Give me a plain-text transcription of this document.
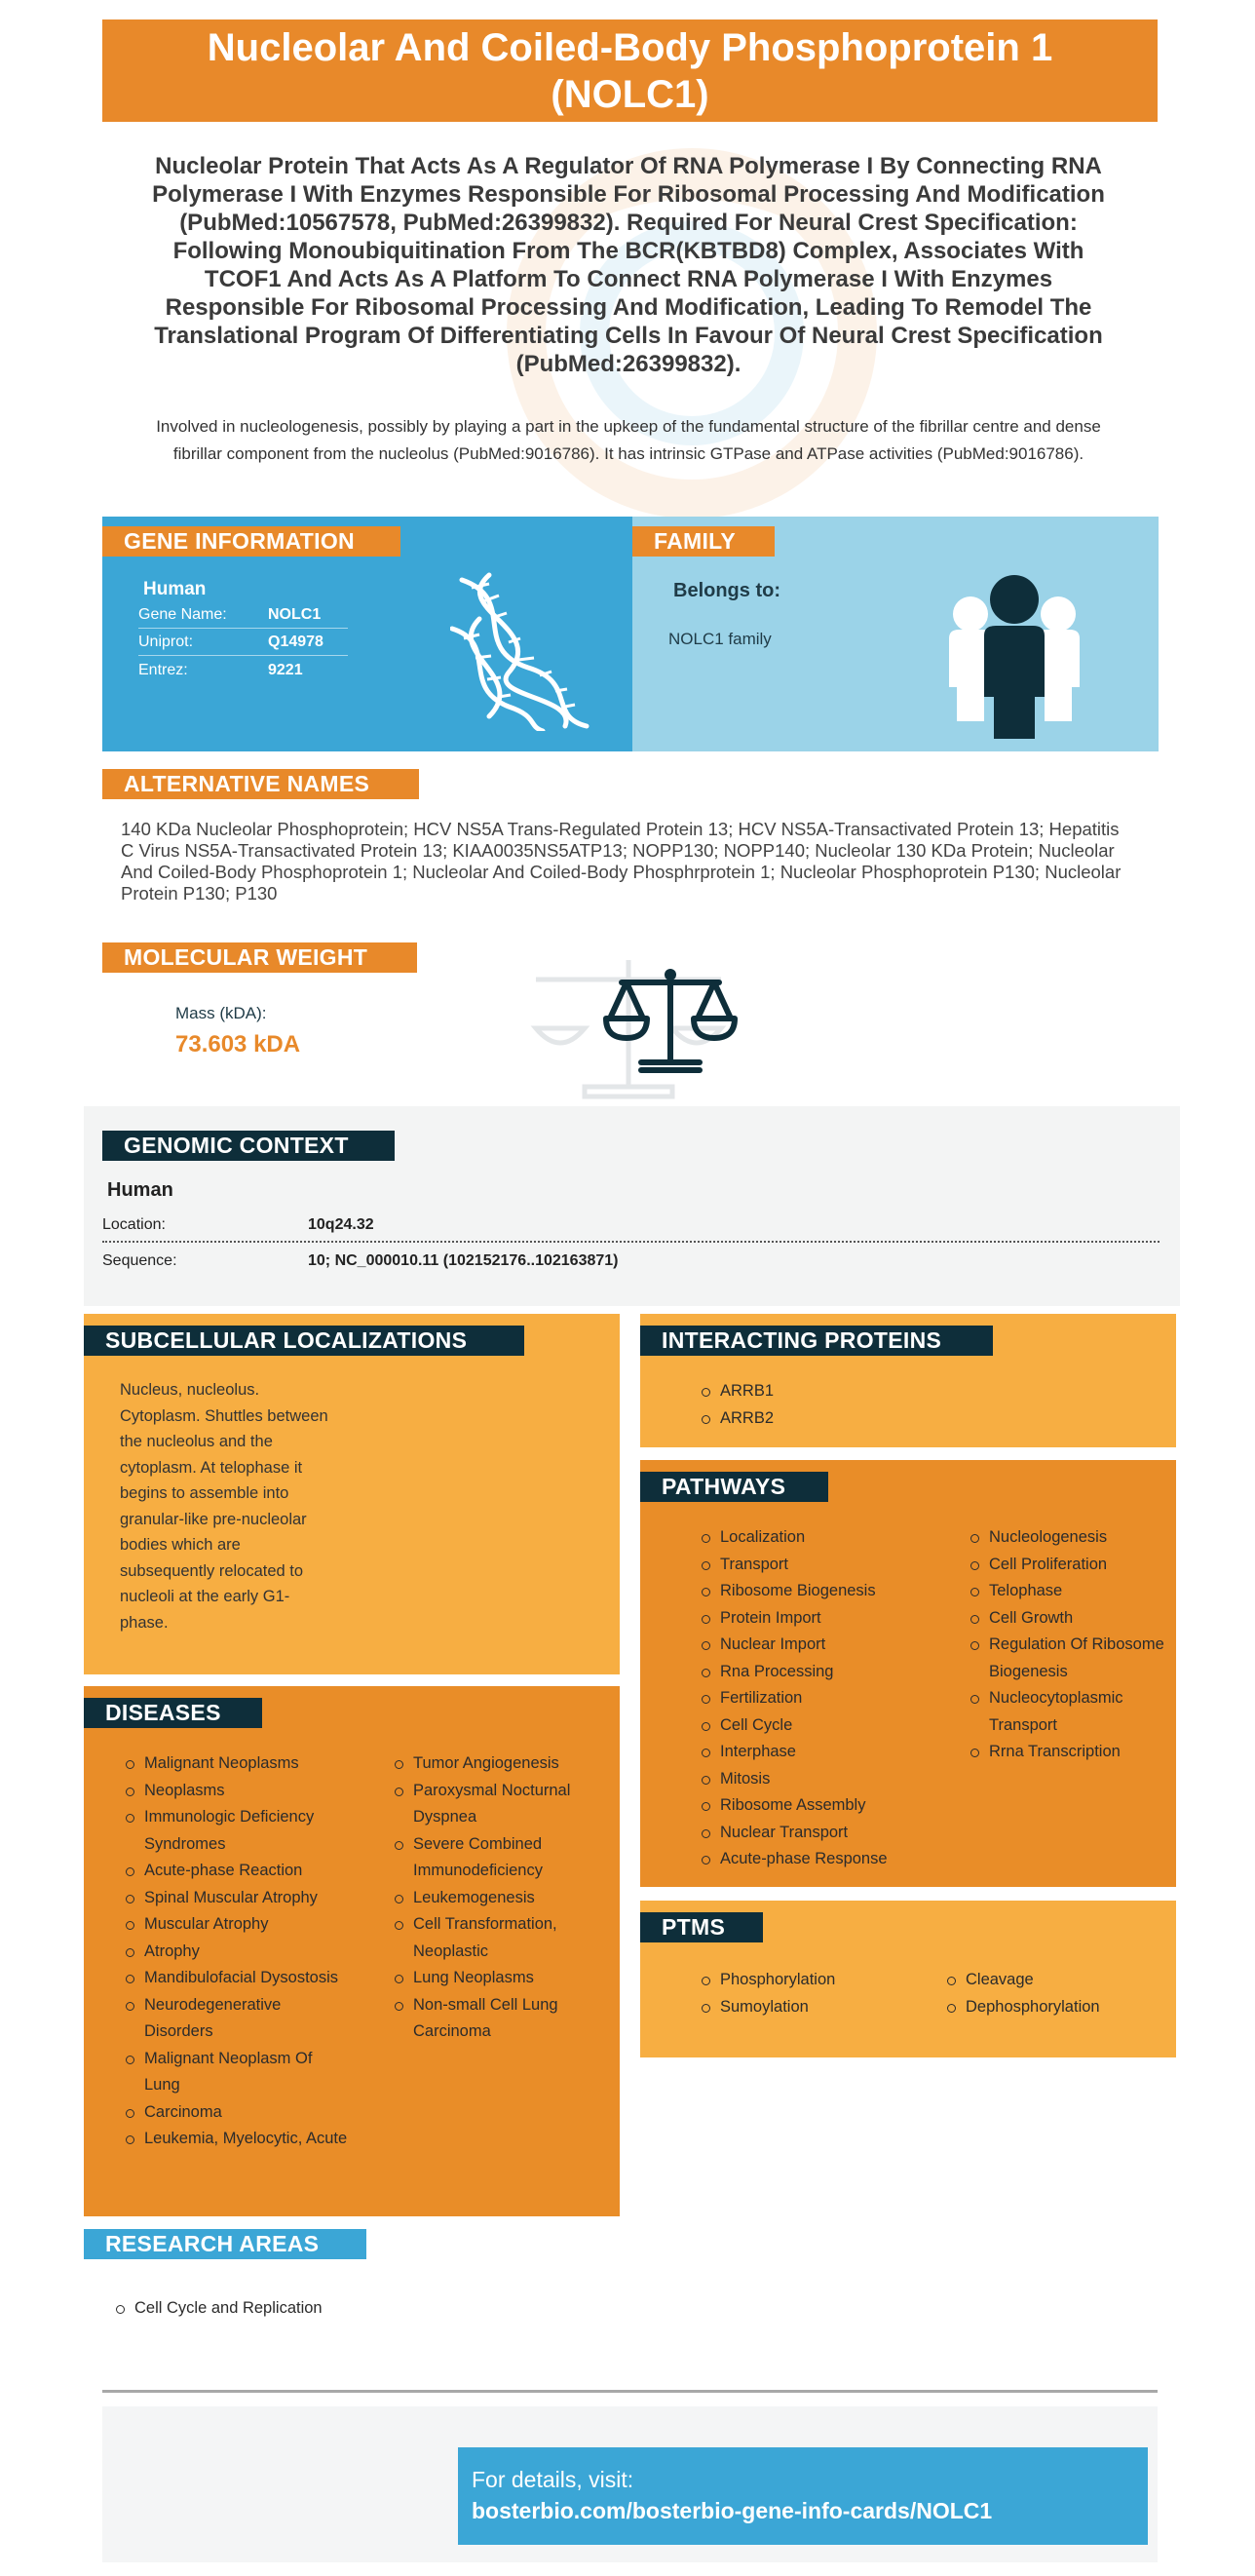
Nucleolar And Coiled-Body Phosphoprotein 1 (NOLC1)
Nucleolar Protein That Acts As A Regulator Of RNA Polymerase I By Connecting RNA Polymerase I With Enzymes Responsible For Ribosomal Processing And Modification (PubMed:10567578, PubMed:26399832). Required For Neural Crest Specification: Following Monoubiquitination From The BCR(KBTBD8) Complex, Associates With TCOF1 And Acts As A Platform To Connect RNA Polymerase I With Enzymes Responsible For Ribosomal Processing And Modification, Leading To Remodel The Translational Program Of Differentiating Cells In Favour Of Neural Crest Specification (PubMed:26399832).
Involved in nucleologenesis, possibly by playing a part in the upkeep of the fundamental structure of the fibrillar centre and dense fibrillar component from the nucleolus (PubMed:9016786). It has intrinsic GTPase and ATPase activities (PubMed:9016786).
GENE INFORMATION
Human
Gene Name:	NOLC1
Uniprot:	Q14978
Entrez:	9221
FAMILY
Belongs to:
NOLC1 family
ALTERNATIVE NAMES
140 KDa Nucleolar Phosphoprotein; HCV NS5A Trans-Regulated Protein 13; HCV NS5A-Transactivated Protein 13; Hepatitis C Virus NS5A-Transactivated Protein 13; KIAA0035NS5ATP13; NOPP130; NOPP140; Nucleolar 130 KDa Protein; Nucleolar And Coiled-Body Phosphoprotein 1; Nucleolar And Coiled-Body Phosphrprotein 1; Nucleolar Phosphoprotein P130; Nucleolar Protein P130; P130
MOLECULAR WEIGHT
Mass (kDA):
73.603 kDA
GENOMIC CONTEXT
Human
Location:	10q24.32
Sequence:	10; NC_000010.11 (102152176..102163871)
SUBCELLULAR LOCALIZATIONS
Nucleus, nucleolus. Cytoplasm. Shuttles between the nucleolus and the cytoplasm. At telophase it begins to assemble into granular-like pre-nucleolar bodies which are subsequently relocated to nucleoli at the early G1-phase.
INTERACTING PROTEINS
ARRB1
ARRB2
PATHWAYS
Localization
Transport
Ribosome Biogenesis
Protein Import
Nuclear Import
Rna Processing
Fertilization
Cell Cycle
Interphase
Mitosis
Ribosome Assembly
Nuclear Transport
Acute-phase Response
Nucleologenesis
Cell Proliferation
Telophase
Cell Growth
Regulation Of Ribosome Biogenesis
Nucleocytoplasmic Transport
Rrna Transcription
DISEASES
Malignant Neoplasms
Neoplasms
Immunologic Deficiency Syndromes
Acute-phase Reaction
Spinal Muscular Atrophy
Muscular Atrophy
Atrophy
Mandibulofacial Dysostosis
Neurodegenerative Disorders
Malignant Neoplasm Of Lung
Carcinoma
Leukemia, Myelocytic, Acute
Tumor Angiogenesis
Paroxysmal Nocturnal Dyspnea
Severe Combined Immunodeficiency
Leukemogenesis
Cell Transformation, Neoplastic
Lung Neoplasms
Non-small Cell Lung Carcinoma
PTMS
Phosphorylation
Sumoylation
Cleavage
Dephosphorylation
RESEARCH AREAS
Cell Cycle and Replication
For details, visit:
bosterbio.com/bosterbio-gene-info-cards/NOLC1
